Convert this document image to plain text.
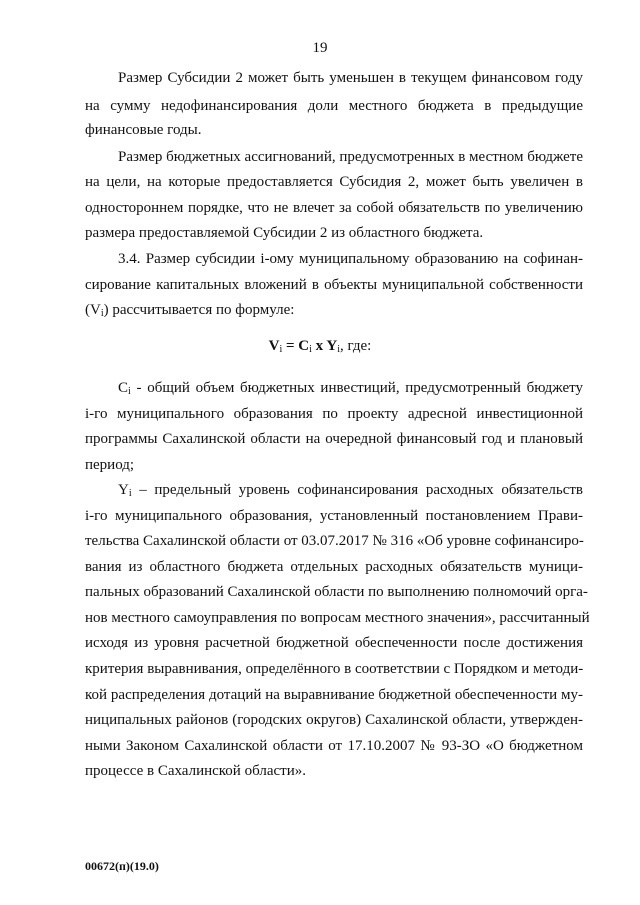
19
Размер Субсидии 2 может быть уменьшен в текущем финансовом году
на сумму недофинансирования доли местного бюджета в предыдущие
финансовые годы.
Размер бюджетных ассигнований, предусмотренных в местном бюджете
на цели, на которые предоставляется Субсидия 2, может быть увеличен в
одностороннем порядке, что не влечет за собой обязательств по увеличению
размера предоставляемой Субсидии 2 из областного бюджета.
3.4. Размер субсидии i-ому муниципальному образованию на софинан-
сирование капитальных вложений в объекты муниципальной собственности
$(V_i)$ рассчитывается по формуле:
$V_i = C_i$ x $Y_i$, где:
$C_i$ - общий объем бюджетных инвестиций, предусмотренный бюджету
i-го муниципального образования по проекту адресной инвестиционной
программы Сахалинской области на очередной финансовый год и плановый
период;
$Y_i$ – предельный уровень софинансирования расходных обязательств
i-го муниципального образования, установленный постановлением Прави-
тельства Сахалинской области от 03.07.2017 № 316 «Об уровне софинансиро-
вания из областного бюджета отдельных расходных обязательств муници-
пальных образований Сахалинской области по выполнению полномочий орга-
нов местного самоуправления по вопросам местного значения», рассчитанный
исходя из уровня расчетной бюджетной обеспеченности после достижения
критерия выравнивания, определённого в соответствии с Порядком и методи-
кой распределения дотаций на выравнивание бюджетной обеспеченности му-
ниципальных районов (городских округов) Сахалинской области, утвержден-
ными Законом Сахалинской области от 17.10.2007 № 93-ЗО «О бюджетном
процессе в Сахалинской области».
00672(п)(19.0)
